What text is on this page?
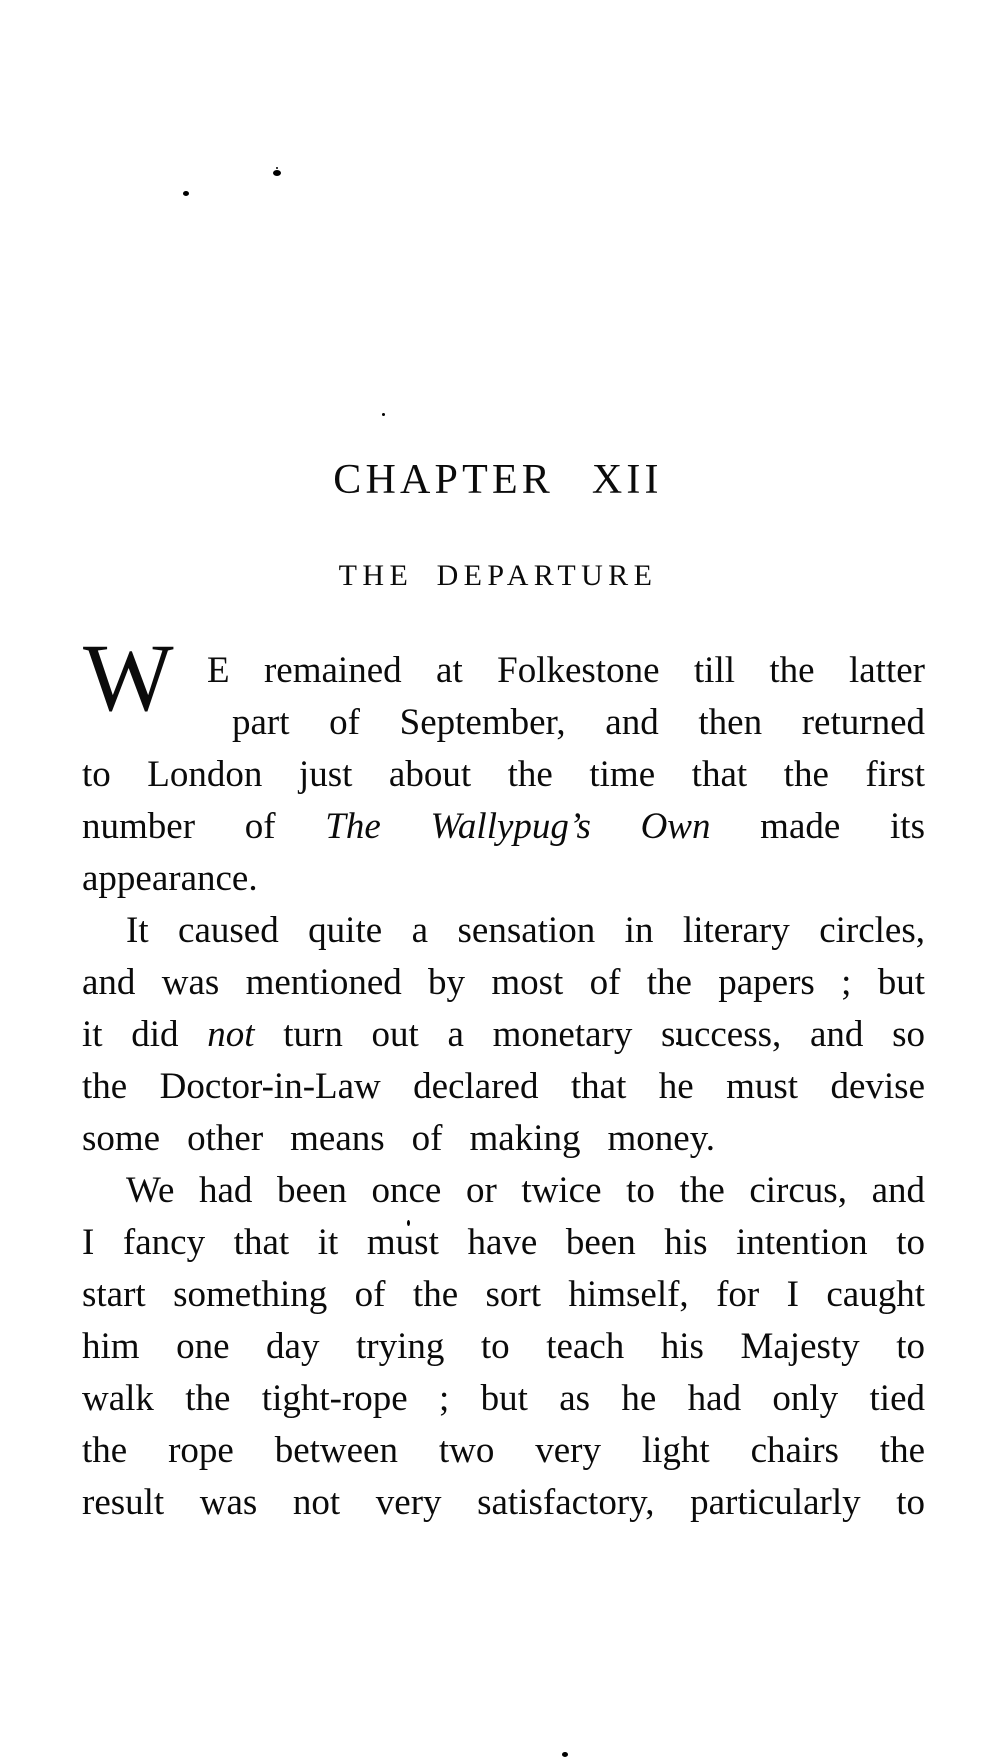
CHAPTER XII
THE DEPARTURE
W E remained at Folkestone till the latter
part of September, and then returned
to London just about the time that the first
number of The Wallypug’s Own made its
appearance.
It caused quite a sensation in literary circles,
and was mentioned by most of the papers ; but
it did not turn out a monetary success, and so
the Doctor-in-Law declared that he must devise
some other means of making money.
We had been once or twice to the circus, and
I fancy that it must have been his intention to
start something of the sort himself, for I caught
him one day trying to teach his Majesty to
walk the tight-rope ; but as he had only tied
the rope between two very light chairs the
result was not very satisfactory, particularly to
